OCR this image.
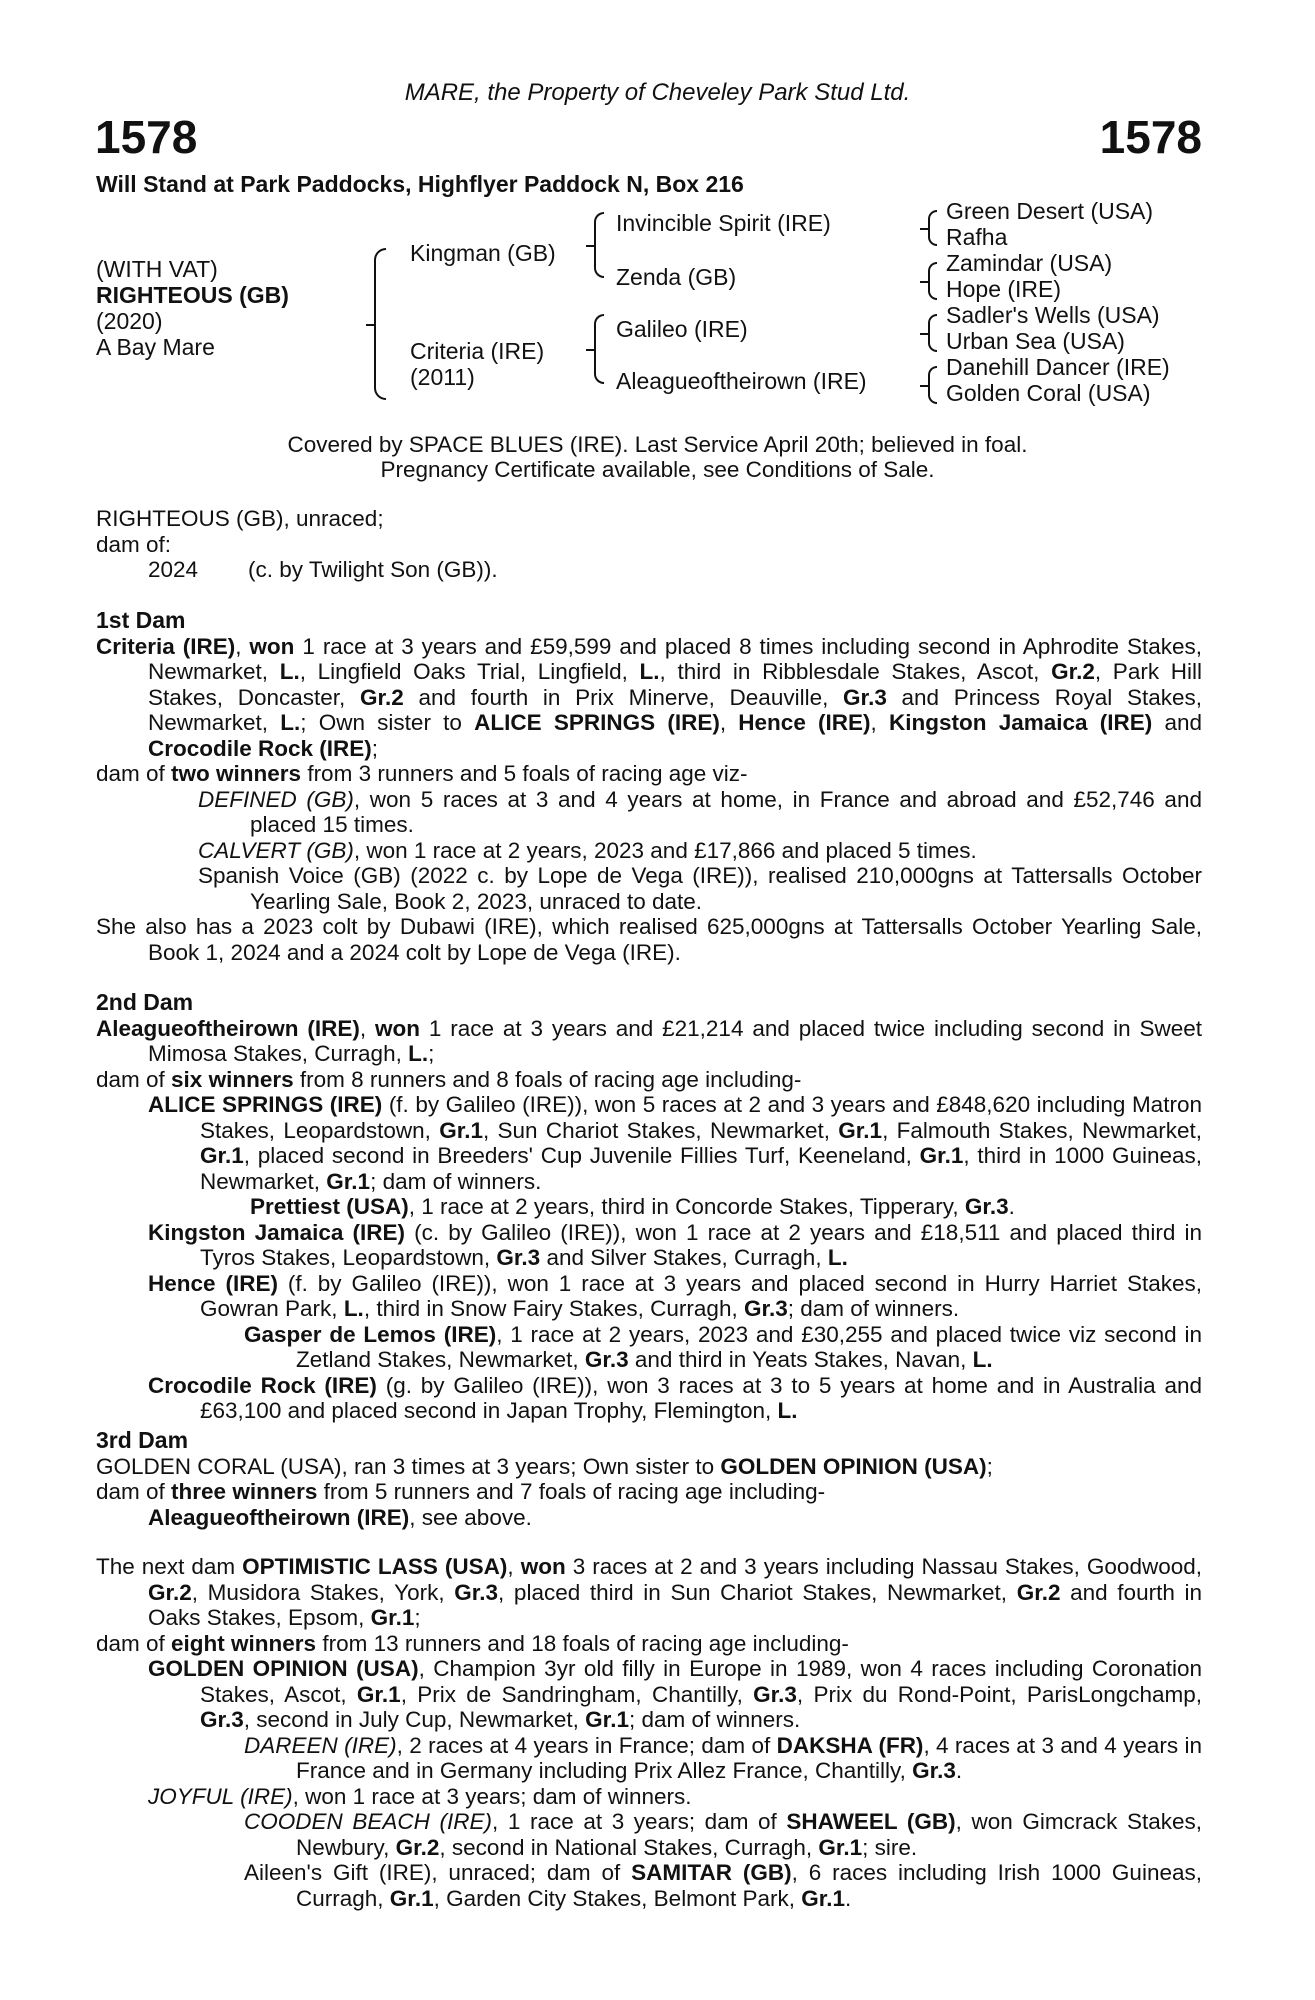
MARE, the Property of Cheveley Park Stud Ltd.
1578	1578
Will Stand at Park Paddocks, Highflyer Paddock N, Box 216
(WITH VAT)
RIGHTEOUS (GB)
(2020)
A Bay Mare
Kingman (GB)
Criteria (IRE)
(2011)
Invincible Spirit (IRE)
Zenda (GB)
Galileo (IRE)
Aleagueoftheirown (IRE)
Green Desert (USA)
Rafha
Zamindar (USA)
Hope (IRE)
Sadler's Wells (USA)
Urban Sea (USA)
Danehill Dancer (IRE)
Golden Coral (USA)
Covered by SPACE BLUES (IRE). Last Service April 20th; believed in foal.
Pregnancy Certificate available, see Conditions of Sale.

RIGHTEOUS (GB), unraced;

dam of:

2024 (c. by Twilight Son (GB)).

1st Dam

Criteria (IRE), won 1 race at 3 years and £59,599 and placed 8 times including second in Aphrodite Stakes, Newmarket, L., Lingfield Oaks Trial, Lingfield, L., third in Ribblesdale Stakes, Ascot, Gr.2, Park Hill Stakes, Doncaster, Gr.2 and fourth in Prix Minerve, Deauville, Gr.3 and Princess Royal Stakes, Newmarket, L.; Own sister to ALICE SPRINGS (IRE), Hence (IRE), Kingston Jamaica (IRE) and Crocodile Rock (IRE);

dam of two winners from 3 runners and 5 foals of racing age viz-

DEFINED (GB), won 5 races at 3 and 4 years at home, in France and abroad and £52,746 and placed 15 times.

CALVERT (GB), won 1 race at 2 years, 2023 and £17,866 and placed 5 times.

Spanish Voice (GB) (2022 c. by Lope de Vega (IRE)), realised 210,000gns at Tattersalls October Yearling Sale, Book 2, 2023, unraced to date.

She also has a 2023 colt by Dubawi (IRE), which realised 625,000gns at Tattersalls October Yearling Sale, Book 1, 2024 and a 2024 colt by Lope de Vega (IRE).

2nd Dam

Aleagueoftheirown (IRE), won 1 race at 3 years and £21,214 and placed twice including second in Sweet Mimosa Stakes, Curragh, L.;

dam of six winners from 8 runners and 8 foals of racing age including-

ALICE SPRINGS (IRE) (f. by Galileo (IRE)), won 5 races at 2 and 3 years and £848,620 including Matron Stakes, Leopardstown, Gr.1, Sun Chariot Stakes, Newmarket, Gr.1, Falmouth Stakes, Newmarket, Gr.1, placed second in Breeders' Cup Juvenile Fillies Turf, Keeneland, Gr.1, third in 1000 Guineas, Newmarket, Gr.1; dam of winners.

Prettiest (USA), 1 race at 2 years, third in Concorde Stakes, Tipperary, Gr.3.

Kingston Jamaica (IRE) (c. by Galileo (IRE)), won 1 race at 2 years and £18,511 and placed third in Tyros Stakes, Leopardstown, Gr.3 and Silver Stakes, Curragh, L.

Hence (IRE) (f. by Galileo (IRE)), won 1 race at 3 years and placed second in Hurry Harriet Stakes, Gowran Park, L., third in Snow Fairy Stakes, Curragh, Gr.3; dam of winners.

Gasper de Lemos (IRE), 1 race at 2 years, 2023 and £30,255 and placed twice viz second in Zetland Stakes, Newmarket, Gr.3 and third in Yeats Stakes, Navan, L.

Crocodile Rock (IRE) (g. by Galileo (IRE)), won 3 races at 3 to 5 years at home and in Australia and £63,100 and placed second in Japan Trophy, Flemington, L.

3rd Dam

GOLDEN CORAL (USA), ran 3 times at 3 years; Own sister to GOLDEN OPINION (USA);

dam of three winners from 5 runners and 7 foals of racing age including-

Aleagueoftheirown (IRE), see above.

The next dam OPTIMISTIC LASS (USA), won 3 races at 2 and 3 years including Nassau Stakes, Goodwood, Gr.2, Musidora Stakes, York, Gr.3, placed third in Sun Chariot Stakes, Newmarket, Gr.2 and fourth in Oaks Stakes, Epsom, Gr.1;

dam of eight winners from 13 runners and 18 foals of racing age including-

GOLDEN OPINION (USA), Champion 3yr old filly in Europe in 1989, won 4 races including Coronation Stakes, Ascot, Gr.1, Prix de Sandringham, Chantilly, Gr.3, Prix du Rond-Point, ParisLongchamp, Gr.3, second in July Cup, Newmarket, Gr.1; dam of winners.

DAREEN (IRE), 2 races at 4 years in France; dam of DAKSHA (FR), 4 races at 3 and 4 years in France and in Germany including Prix Allez France, Chantilly, Gr.3.

JOYFUL (IRE), won 1 race at 3 years; dam of winners.

COODEN BEACH (IRE), 1 race at 3 years; dam of SHAWEEL (GB), won Gimcrack Stakes, Newbury, Gr.2, second in National Stakes, Curragh, Gr.1; sire.

Aileen's Gift (IRE), unraced; dam of SAMITAR (GB), 6 races including Irish 1000 Guineas, Curragh, Gr.1, Garden City Stakes, Belmont Park, Gr.1.
